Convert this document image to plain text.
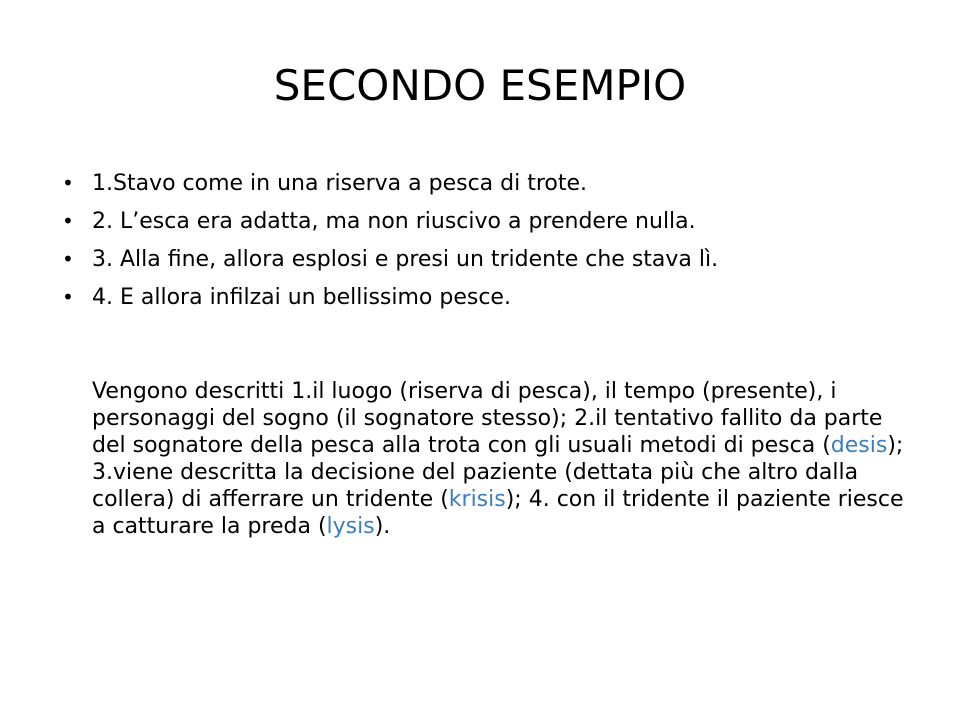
SECONDO ESEMPIO
• 1.Stavo come in una riserva a pesca di trote.
• 2. L’esca era adatta, ma non riuscivo a prendere nulla.
• 3. Alla fine, allora esplosi e presi un tridente che stava lì.
• 4. E allora infilzai un bellissimo pesce.

Vengono descritti 1.il luogo (riserva di pesca), il tempo (presente), i personaggi del sogno (il sognatore stesso); 2.il tentativo fallito da parte del sognatore della pesca alla trota con gli usuali metodi di pesca (desis); 3.viene descritta la decisione del paziente (dettata più che altro dalla collera) di afferrare un tridente (krisis); 4. con il tridente il paziente riesce a catturare la preda (lysis).
